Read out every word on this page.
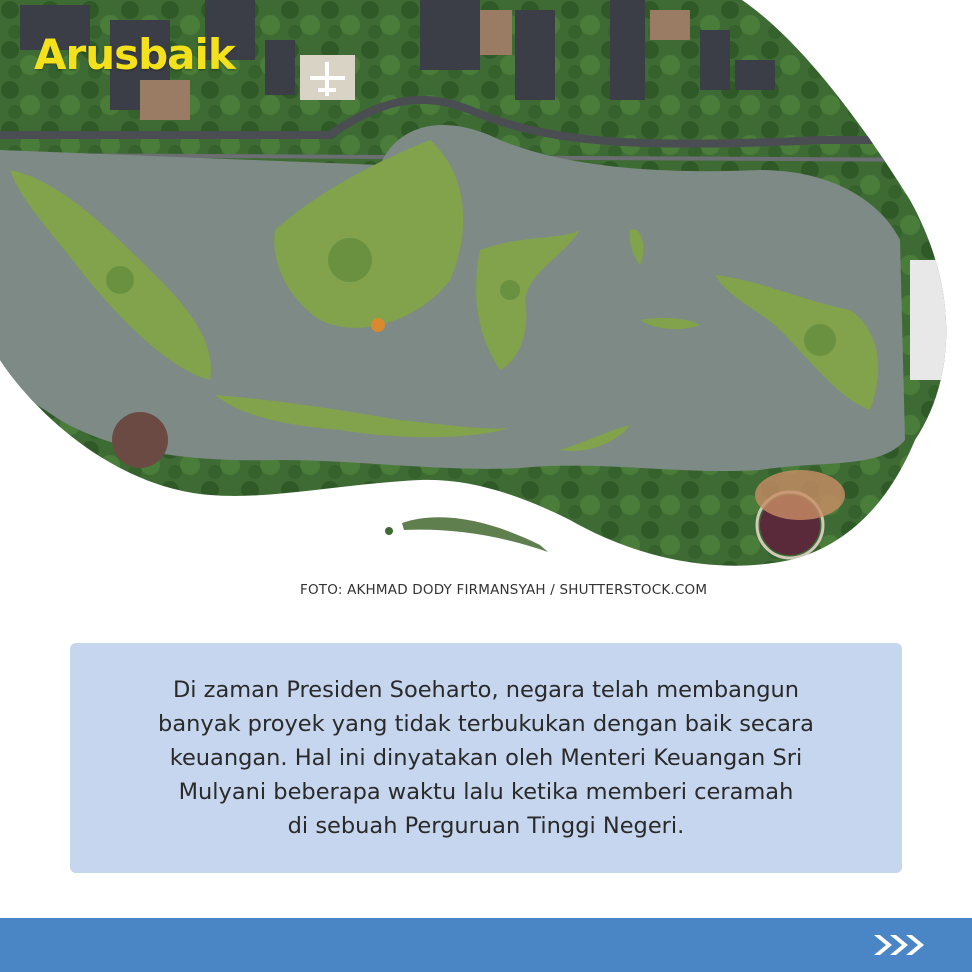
Arusbaik
FOTO: AKHMAD DODY FIRMANSYAH / SHUTTERSTOCK.COM
Di zaman Presiden Soeharto, negara telah membangun
banyak proyek yang tidak terbukukan dengan baik secara
keuangan. Hal ini dinyatakan oleh Menteri Keuangan Sri
Mulyani beberapa waktu lalu ketika memberi ceramah
di sebuah Perguruan Tinggi Negeri.
